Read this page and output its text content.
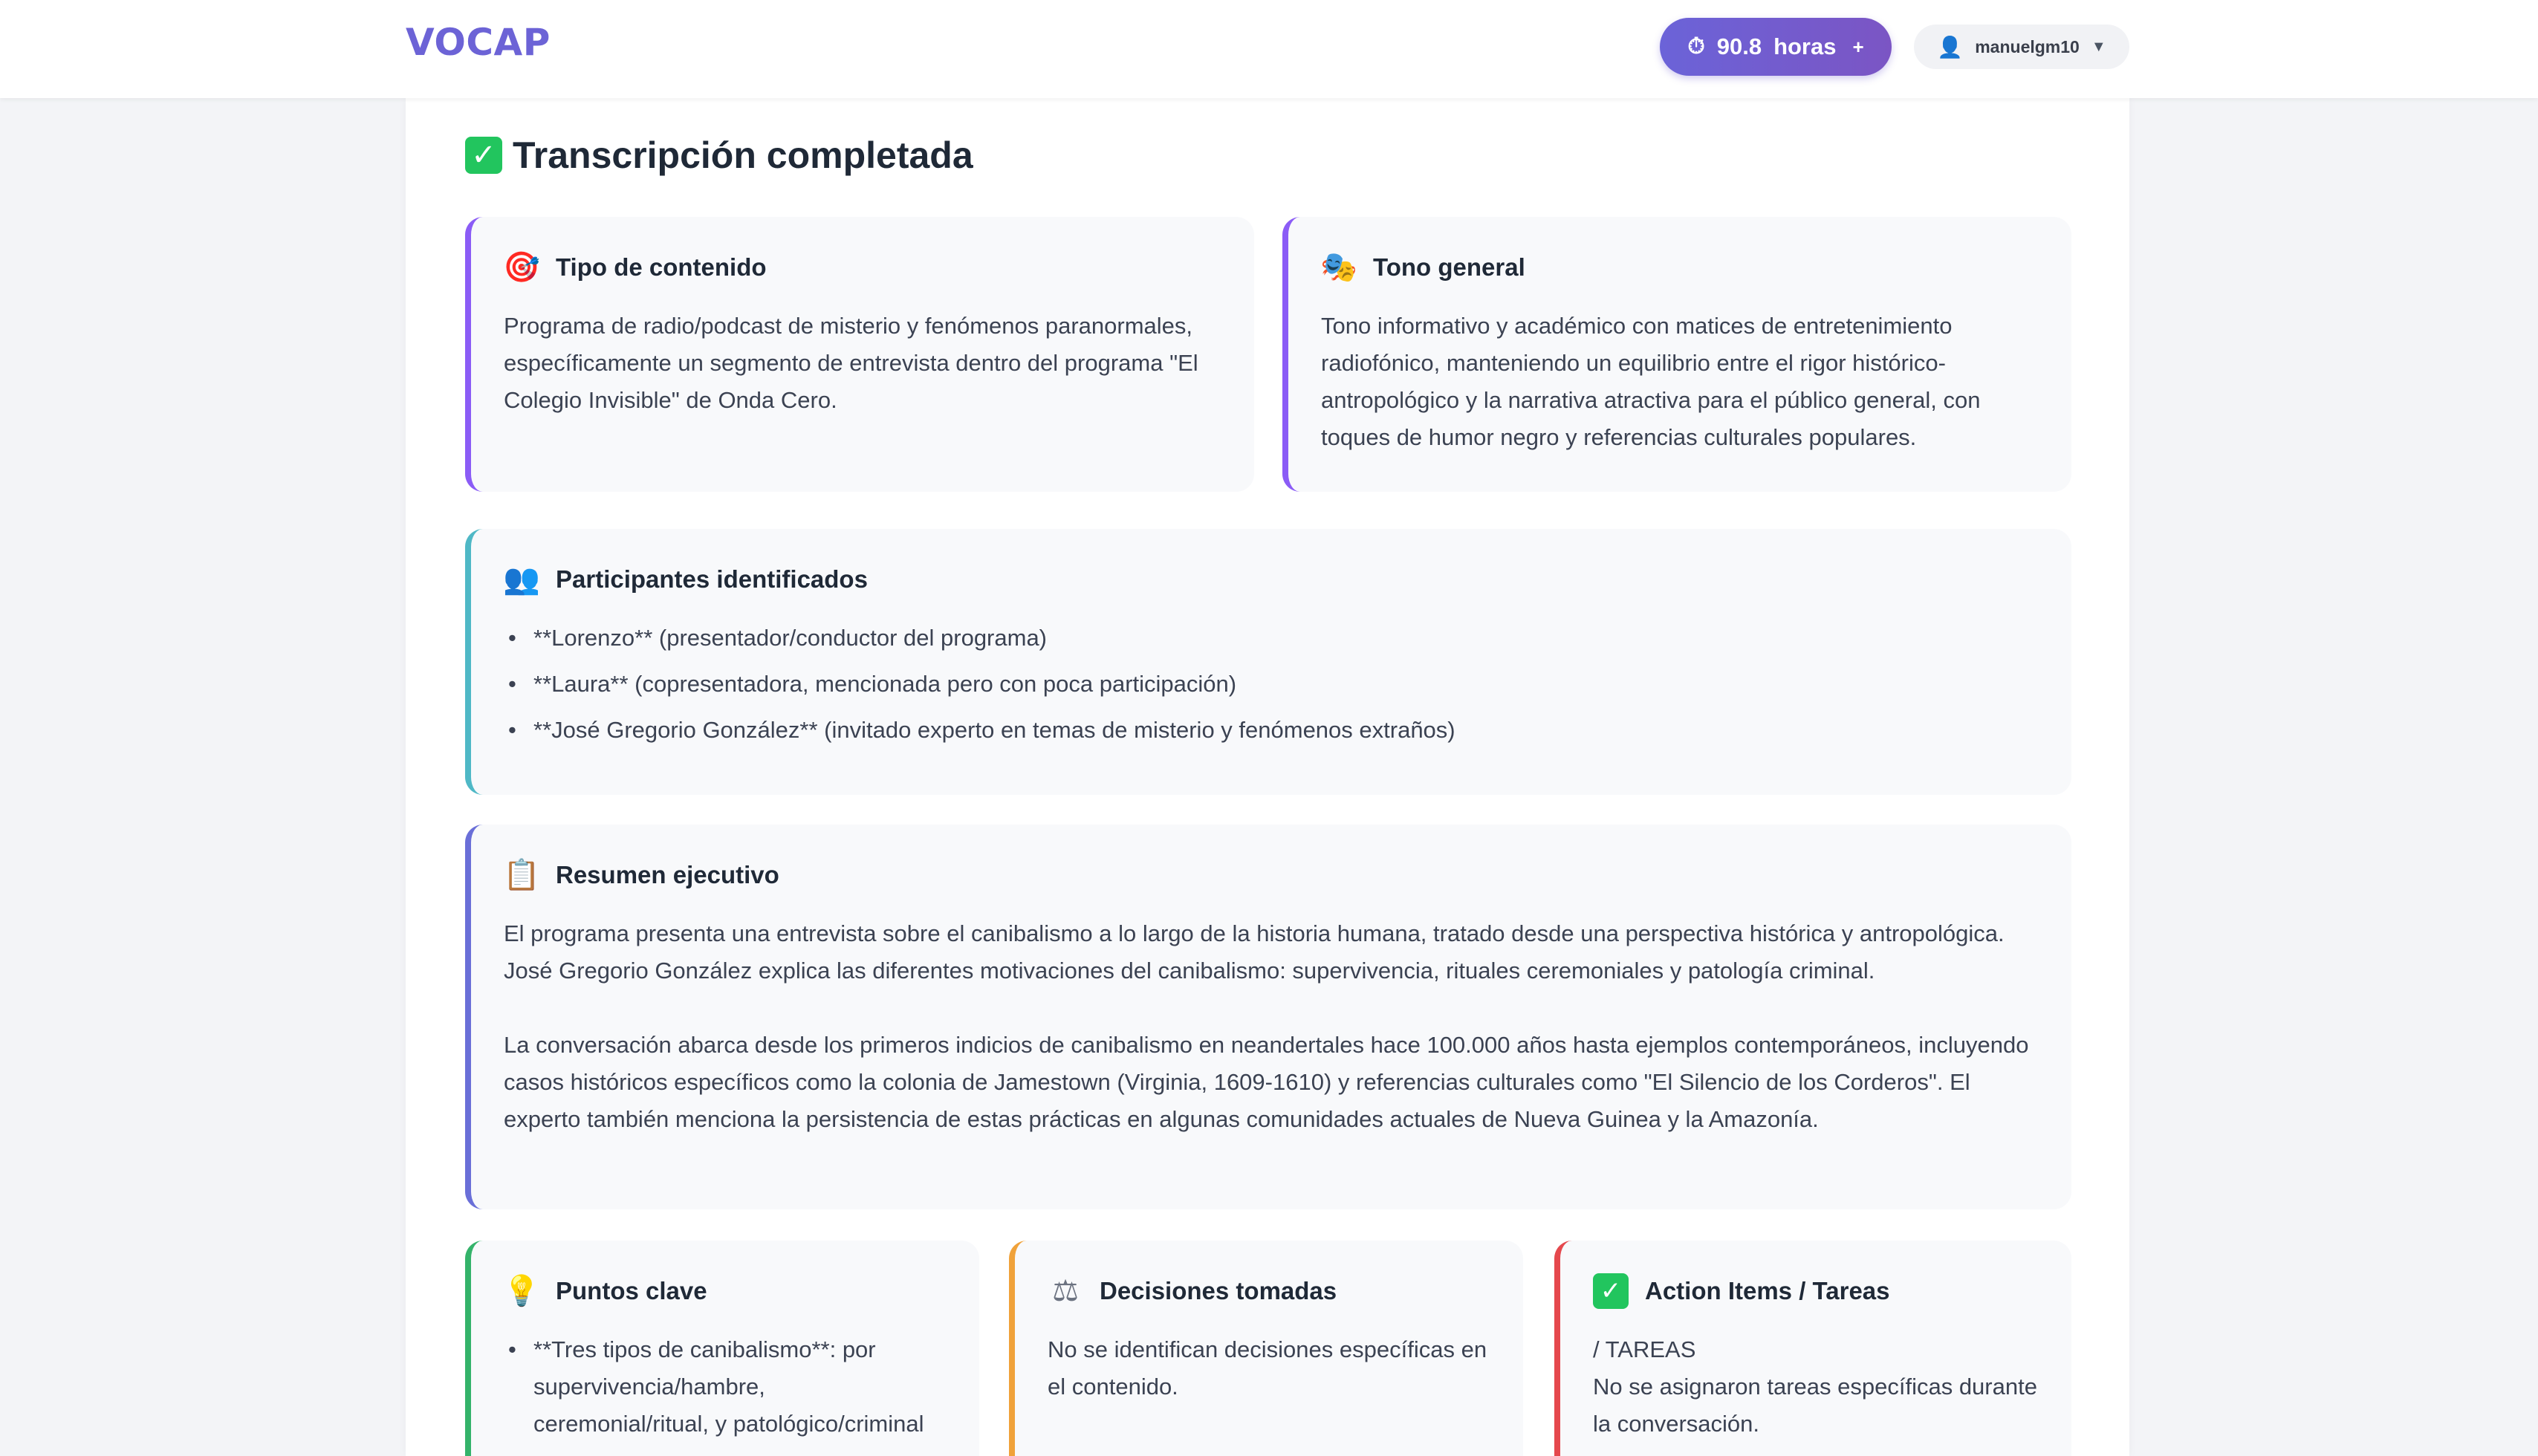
VOCAP	⏱ 90.8 horas +	👤 manuelgm10 ▼
✓ Transcripción completada
🎯 Tipo de contenido
Programa de radio/podcast de misterio y fenómenos paranormales, específicamente un segmento de entrevista dentro del programa "El Colegio Invisible" de Onda Cero.
🎭 Tono general
Tono informativo y académico con matices de entretenimiento radiofónico, manteniendo un equilibrio entre el rigor histórico-antropológico y la narrativa atractiva para el público general, con toques de humor negro y referencias culturales populares.
👥 Participantes identificados
• **Lorenzo** (presentador/conductor del programa)
• **Laura** (copresentadora, mencionada pero con poca participación)
• **José Gregorio González** (invitado experto en temas de misterio y fenómenos extraños)
📋 Resumen ejecutivo
El programa presenta una entrevista sobre el canibalismo a lo largo de la historia humana, tratado desde una perspectiva histórica y antropológica. José Gregorio González explica las diferentes motivaciones del canibalismo: supervivencia, rituales ceremoniales y patología criminal.
La conversación abarca desde los primeros indicios de canibalismo en neandertales hace 100.000 años hasta ejemplos contemporáneos, incluyendo casos históricos específicos como la colonia de Jamestown (Virginia, 1609-1610) y referencias culturales como "El Silencio de los Corderos". El experto también menciona la persistencia de estas prácticas en algunas comunidades actuales de Nueva Guinea y la Amazonía.
💡 Puntos clave
• **Tres tipos de canibalismo**: por supervivencia/hambre, ceremonial/ritual, y patológico/criminal
⚖ Decisiones tomadas
No se identifican decisiones específicas en el contenido.
✓ Action Items / Tareas
/ TAREAS
No se asignaron tareas específicas durante la conversación.
